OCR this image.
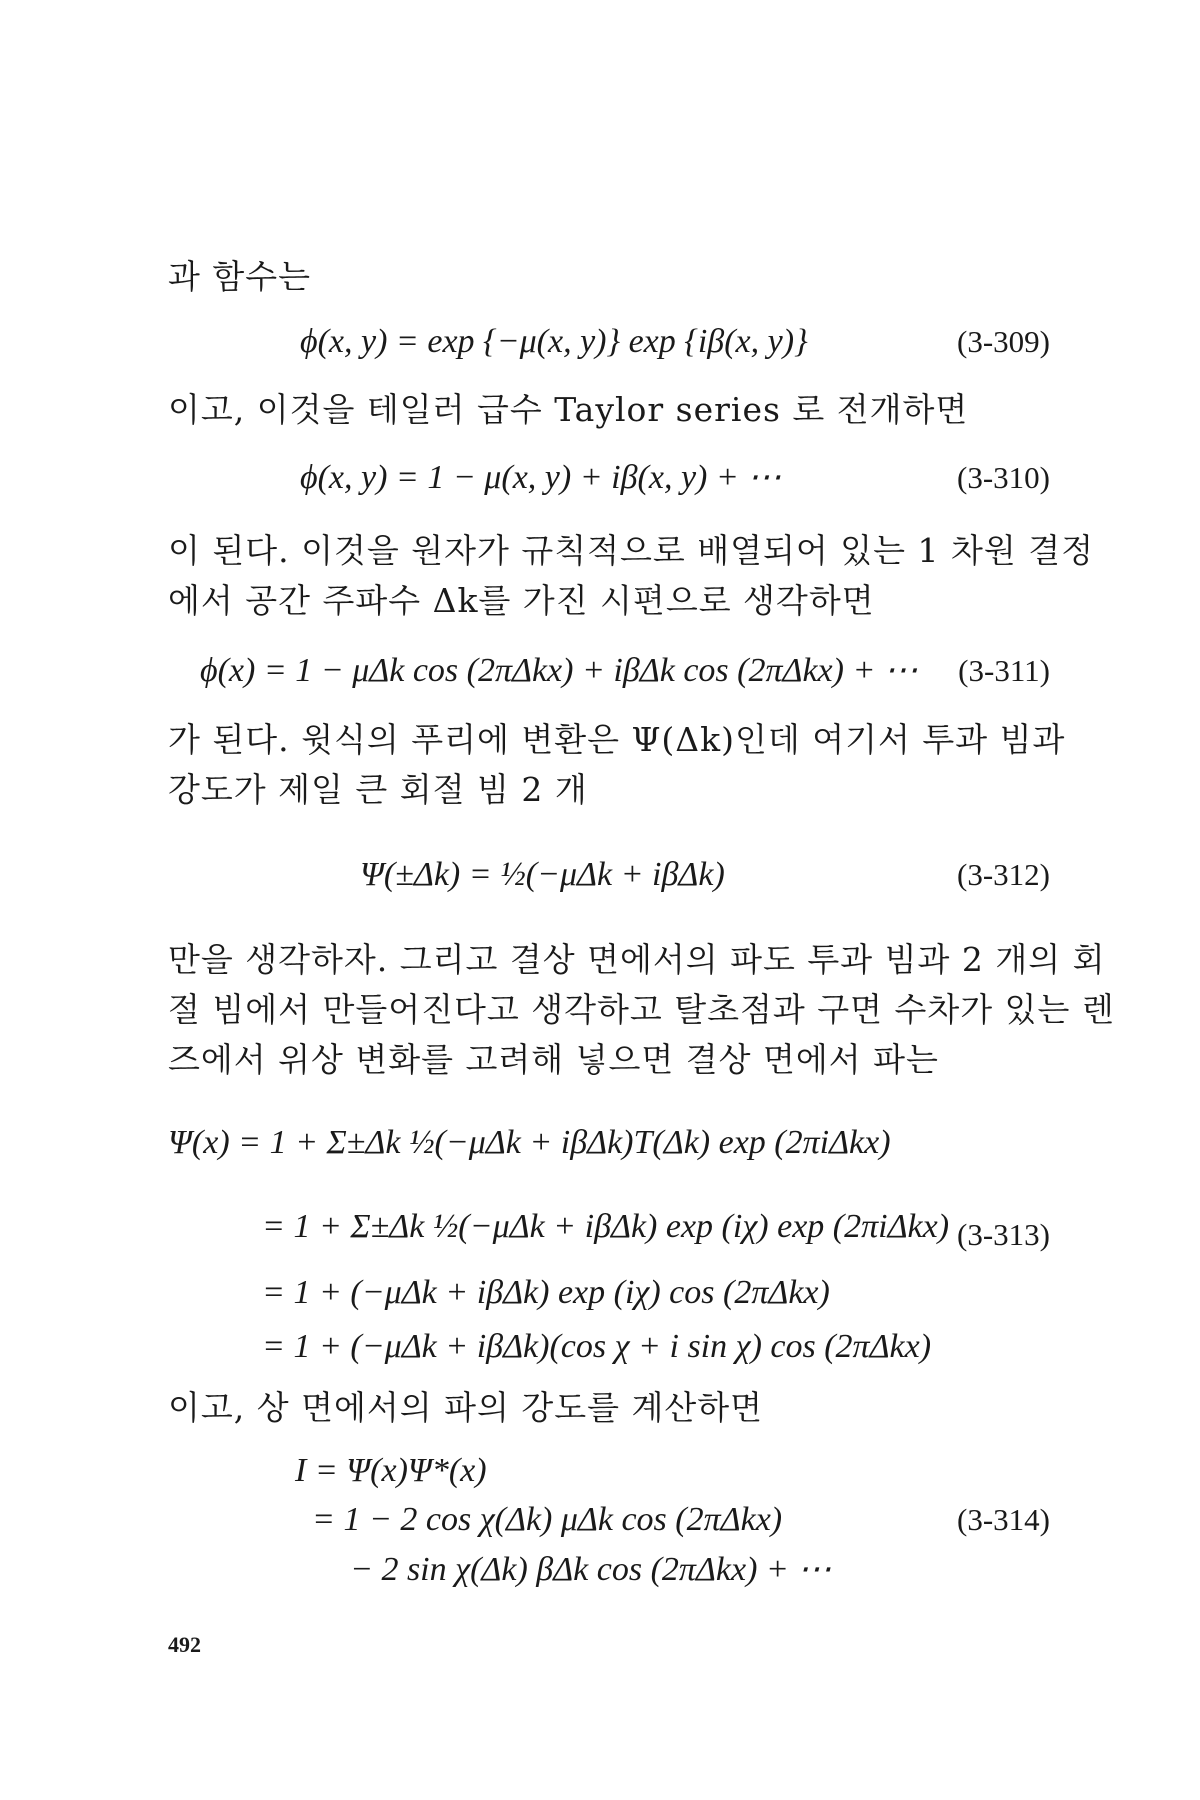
과 함수는

ϕ(x, y) = exp {−μ(x, y)} exp {iβ(x, y)}	(3-309)

이고, 이것을 테일러 급수 Taylor series 로 전개하면

ϕ(x, y) = 1 − μ(x, y) + iβ(x, y) + ⋯	(3-310)

이 된다. 이것을 원자가 규칙적으로 배열되어 있는 1 차원 결정
에서 공간 주파수 Δk를 가진 시편으로 생각하면

ϕ(x) = 1 − μΔk cos (2πΔkx) + iβΔk cos (2πΔkx) + ⋯ (3-311)

가 된다. 윗식의 푸리에 변환은 Ψ(Δk)인데 여기서 투과 빔과
강도가 제일 큰 회절 빔 2 개

Ψ(±Δk) = ½(−μΔk + iβΔk)	(3-312)

만을 생각하자. 그리고 결상 면에서의 파도 투과 빔과 2 개의 회
절 빔에서 만들어진다고 생각하고 탈초점과 구면 수차가 있는 렌
즈에서 위상 변화를 고려해 넣으면 결상 면에서 파는

Ψ(x) = 1 + Σ±Δk ½(−μΔk + iβΔk)T(Δk) exp (2πiΔkx)
= 1 + Σ±Δk ½(−μΔk + iβΔk) exp (iχ) exp (2πiΔkx) (3-313)
= 1 + (−μΔk + iβΔk) exp (iχ) cos (2πΔkx)
= 1 + (−μΔk + iβΔk)(cos χ + i sin χ) cos (2πΔkx)

이고, 상 면에서의 파의 강도를 계산하면

I = Ψ(x)Ψ*(x)
= 1 − 2 cos χ(Δk) μΔk cos (2πΔkx)	(3-314)
− 2 sin χ(Δk) βΔk cos (2πΔkx) + ⋯
492
